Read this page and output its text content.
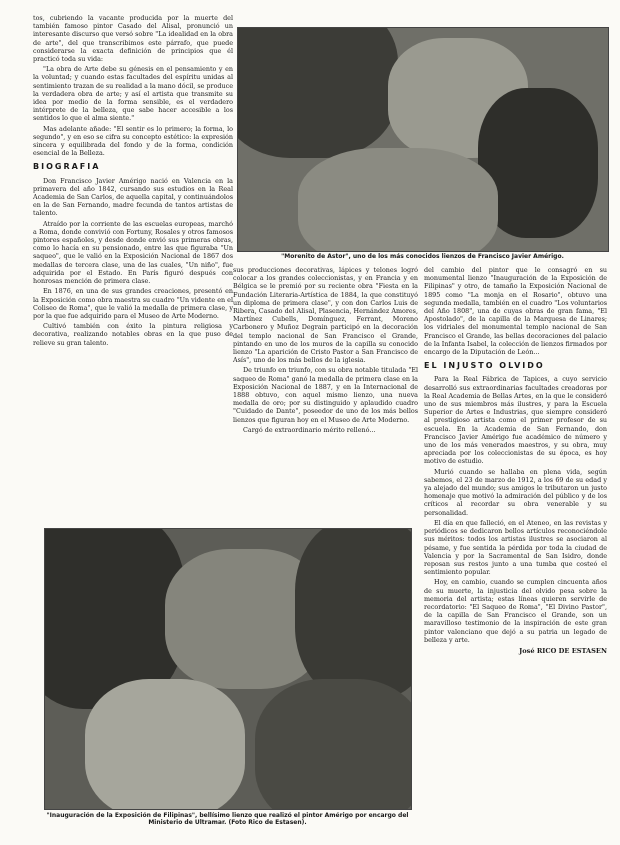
tos, cubriendo la vacante producida por la muerte del también famoso pintor Casado del Alisal, pronunció un interesante discurso que versó sobre "La idealidad en la obra de arte", del que transcribimos este párrafo, que puede considerarse la exacta definición de principios que él practicó toda su vida:

"La obra de Arte debe su génesis en el pensamiento y en la voluntad; y cuando estas facultades del espíritu unidas al sentimiento trazan de su realidad a la mano dócil, se produce la verdadera obra de arte; y así el artista que transmite su idea por medio de la forma sensible, es el verdadero intérprete de la belleza, que sabe hacer accesible a los sentidos lo que el alma siente."

Mas adelante añade: "El sentir es lo primero; la forma, lo segundo", y en eso se cifra su concepto estético: la expresión sincera y equilibrada del fondo y de la forma, condición esencial de la Belleza.

BIOGRAFIA

Don Francisco Javier Amérigo nació en Valencia en la primavera del año 1842, cursando sus estudios en la Real Academia de San Carlos, de aquella capital, y continuándolos en la de San Fernando, madre fecunda de tantos artistas de talento.

Atraído por la corriente de las escuelas europeas, marchó a Roma, donde convivió con Fortuny, Rosales y otros famosos pintores españoles, y desde donde envió sus primeras obras, como lo hacía en su pensionado, entre las que figuraba "Un saqueo", que le valió en la Exposición Nacional de 1867 dos medallas de tercera clase, una de las cuales, "Un niño", fue adquirida por el Estado. En París figuró después con honrosas mención de primera clase.

En 1876, en una de sus grandes creaciones, presentó en la Exposición como obra maestra su cuadro "Un vidente en el Coliseo de Roma", que le valió la medalla de primera clase, y por la que fue adquirido para el Museo de Arte Moderno.

Cultivó también con éxito la pintura religiosa y decorativa, realizando notables obras en la que puso de relieve su gran talento.

"Morenito de Astor", uno de los más conocidos lienzos de Francisco Javier Amérigo.

sus producciones decorativas, lápices y telones logró colocar a los grandes coleccionistas, y en Francia y en Bélgica se le premió por su reciente obra "Fiesta en la Fundación Literaria-Artística de 1884, la que constituyó un diploma de primera clase", y con don Carlos Luis de Ribera, Casado del Alisal, Plasencia, Hernández Amores, Martínez Cubells, Domínguez, Ferrant, Moreno Carbonero y Muñoz Degrain participó en la decoración del templo nacional de San Francisco el Grande, pintando en uno de los muros de la capilla su conocido lienzo "La aparición de Cristo Pastor a San Francisco de Asís", uno de los más bellos de la iglesia.

De triunfo en triunfo, con su obra notable titulada "El saqueo de Roma" ganó la medalla de primera clase en la Exposición Nacional de 1887, y en la Internacional de 1888 obtuvo, con aquel mismo lienzo, una nueva medalla de oro; por su distinguido y aplaudido cuadro "Cuidado de Dante", poseedor de uno de los más bellos lienzos que figuran hoy en el Museo de Arte Moderno.

Cargó de extraordinario mérito rellenó...

del cambio del pintor que le consagró en su monumental lienzo "Inauguración de la Exposición de Filipinas" y otro, de tamaño la Exposición Nacional de 1895 como "La monja en el Rosario", obtuvo una segunda medalla, también en el cuadro "Los voluntarios del Año 1808", una de cuyas obras de gran fama, "El Apostolado", de la capilla de la Marquesa de Linares; los vidriales del monumental templo nacional de San Francisco el Grande, las bellas decoraciones del palacio de la Infanta Isabel, la colección de lienzos firmados por encargo de la Diputación de León...

EL INJUSTO OLVIDO

Para la Real Fábrica de Tapices, a cuyo servicio desarrolló sus extraordinarias facultades creadoras por la Real Academia de Bellas Artes, en la que le consideró uno de sus miembros más ilustres, y para la Escuela Superior de Artes e Industrias, que siempre consideró al prestigioso artista como el primer profesor de su escuela. En la Academia de San Fernando, don Francisco Javier Amérigo fue académico de número y uno de los más venerados maestros, y su obra, muy apreciada por los coleccionistas de su época, es hoy motivo de estudio.

Murió cuando se hallaba en plena vida, según sabemos, el 23 de marzo de 1912, a los 69 de su edad y ya alejado del mundo; sus amigos le tributaron un justo homenaje que motivó la admiración del público y de los críticos al recordar su obra venerable y su personalidad.

El día en que falleció, en el Ateneo, en las revistas y periódicos se dedicaron bellos artículos reconociéndole sus méritos: todos los artistas ilustres se asociaron al pésame, y fue sentida la pérdida por toda la ciudad de Valencia y por la Sacramental de San Isidro, donde reposan sus restos junto a una tumba que costeó el sentimiento popular.

Hoy, en cambio, cuando se cumplen cincuenta años de su muerte, la injusticia del olvido pesa sobre la memoria del artista; estas líneas quieren servirle de recordatorio: "El Saqueo de Roma", "El Divino Pastor", de la capilla de San Francisco el Grande, son un maravilloso testimonio de la inspiración de este gran pintor valenciano que dejó a su patria un legado de belleza y arte.

José RICO DE ESTASEN
"Inauguración de la Exposición de Filipinas", bellísimo lienzo que realizó el pintor Amérigo por encargo del Ministerio de Ultramar. (Foto Rico de Estasen).
